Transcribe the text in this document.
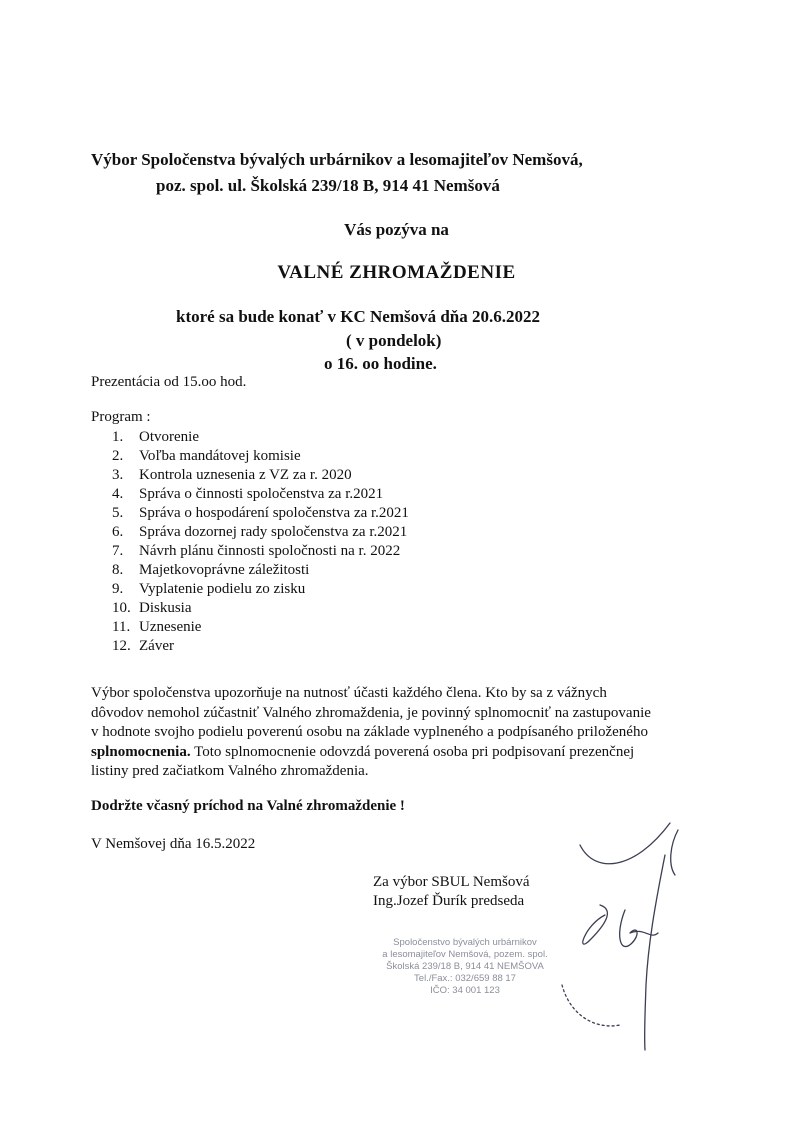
Výbor Spoločenstva bývalých urbárnikov a lesomajiteľov Nemšová,
poz. spol. ul. Školská 239/18 B, 914 41 Nemšová
Vás pozýva na
VALNÉ ZHROMAŽDENIE
ktoré sa bude konať v KC Nemšová dňa 20.6.2022
( v pondelok)
o 16. oo hodine.
Prezentácia od 15.oo hod.
Program :
1. Otvorenie
2. Voľba mandátovej komisie
3. Kontrola uznesenia z VZ za r. 2020
4. Správa o činnosti spoločenstva za r.2021
5. Správa o hospodárení spoločenstva za r.2021
6. Správa dozornej rady spoločenstva za r.2021
7. Návrh plánu činnosti spoločnosti na r. 2022
8. Majetkovoprávne záležitosti
9. Vyplatenie podielu zo zisku
10. Diskusia
11. Uznesenie
12. Záver
Výbor spoločenstva upozorňuje na nutnosť účasti každého člena. Kto by sa z vážnych
dôvodov nemohol zúčastniť Valného zhromaždenia, je povinný splnomocniť na zastupovanie
v hodnote svojho podielu poverenú osobu na základe vyplneného a podpísaného priloženého
splnomocnenia. Toto splnomocnenie odovzdá poverená osoba pri podpisovaní prezenčnej
listiny pred začiatkom Valného zhromaždenia.
Dodržte včasný príchod na Valné zhromaždenie !
V Nemšovej dňa 16.5.2022
Za výbor SBUL Nemšová
Ing.Jozef Ďurík predseda
Spoločenstvo bývalých urbárnikov
a lesomajiteľov Nemšová, pozem. spol.
Školská 239/18 B, 914 41 NEMŠOVA
Tel./Fax.: 032/659 88 17
IČO: 34 001 123
